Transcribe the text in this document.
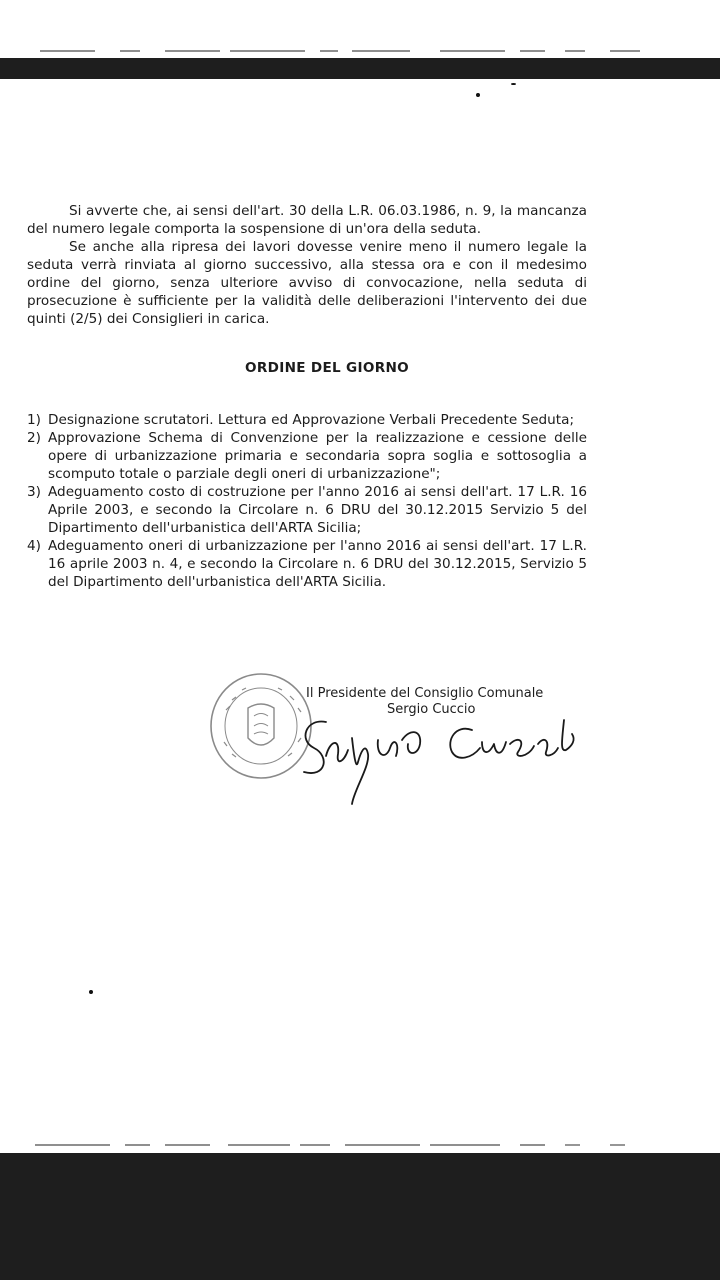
Si avverte che, ai sensi dell'art. 30 della L.R. 06.03.1986, n. 9, la mancanza del numero legale comporta la sospensione di un'ora della seduta.

Se anche alla ripresa dei lavori dovesse venire meno il numero legale la seduta verrà rinviata al giorno successivo, alla stessa ora e con il medesimo ordine del giorno, senza ulteriore avviso di convocazione, nella seduta di prosecuzione è sufficiente per la validità delle deliberazioni l'intervento dei due quinti (2/5) dei Consiglieri in carica.

ORDINE DEL GIORNO
1) Designazione scrutatori. Lettura ed Approvazione Verbali Precedente Seduta;
2) Approvazione Schema di Convenzione per la realizzazione e cessione delle opere di urbanizzazione primaria e secondaria sopra soglia e sottosoglia a scomputo totale o parziale degli oneri di urbanizzazione";
3) Adeguamento costo di costruzione per l'anno 2016 ai sensi dell'art. 17 L.R. 16 Aprile 2003, e secondo la Circolare n. 6 DRU del 30.12.2015 Servizio 5 del Dipartimento dell'urbanistica dell'ARTA Sicilia;
4) Adeguamento oneri di urbanizzazione per l'anno 2016 ai sensi dell'art. 17 L.R. 16 aprile 2003 n. 4, e secondo la Circolare n. 6 DRU del 30.12.2015, Servizio 5 del Dipartimento dell'urbanistica dell'ARTA Sicilia.
Il Presidente del Consiglio Comunale
Sergio Cuccio
